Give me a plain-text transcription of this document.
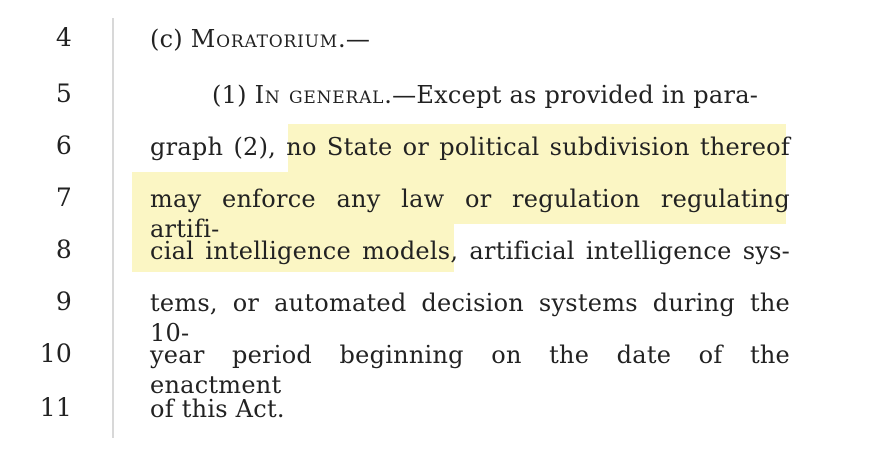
4	(c) Moratorium.—
5	(1) In general.—Except as provided in para-
6	graph (2), no State or political subdivision thereof
7	may enforce any law or regulation regulating artifi-
8	cial intelligence models, artificial intelligence sys-
9	tems, or automated decision systems during the 10-
10	year period beginning on the date of the enactment
11	of this Act.
